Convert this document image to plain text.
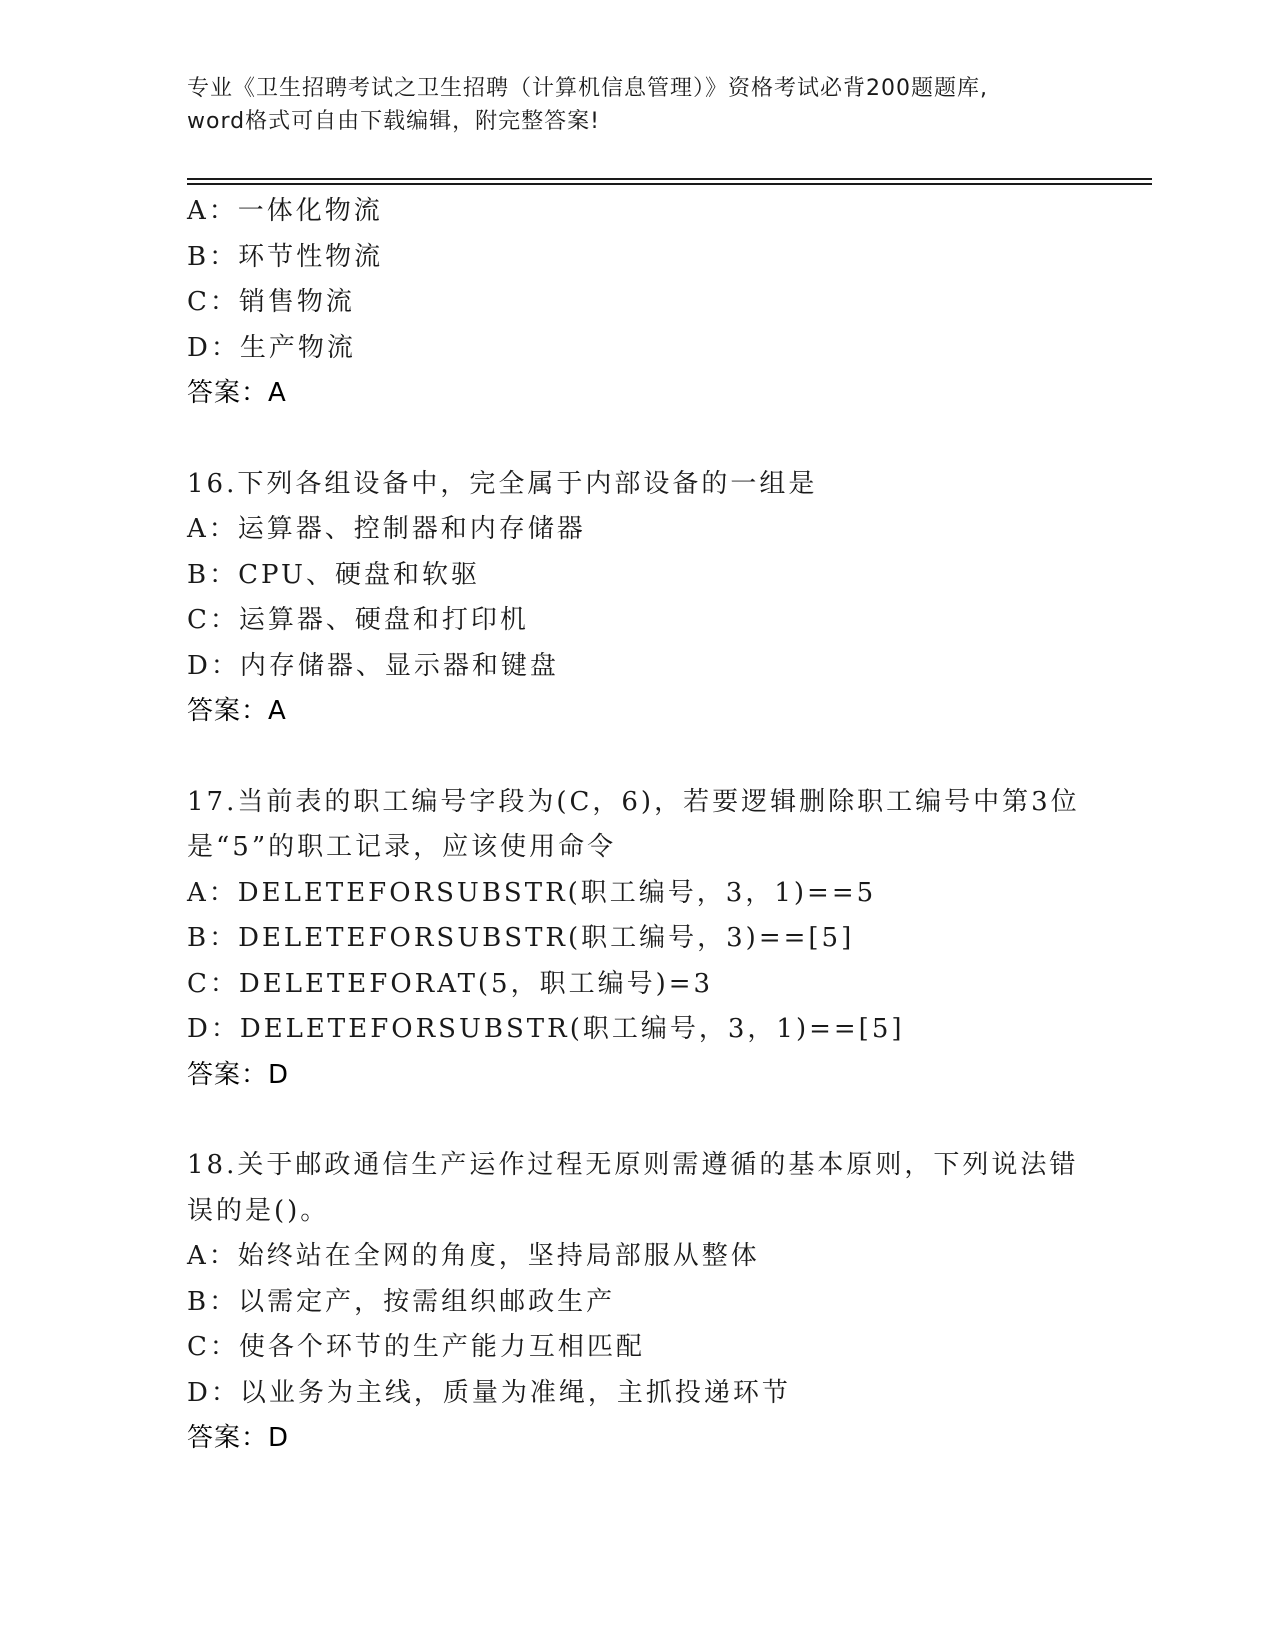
专业《卫生招聘考试之卫生招聘（计算机信息管理）》资格考试必背200题题库,
word格式可自由下载编辑，附完整答案!
A：一体化物流
B：环节性物流
C：销售物流
D：生产物流
答案：A
16.下列各组设备中，完全属于内部设备的一组是
A：运算器、控制器和内存储器
B：CPU、硬盘和软驱
C：运算器、硬盘和打印机
D：内存储器、显示器和键盘
答案：A
17.当前表的职工编号字段为(C，6)，若要逻辑删除职工编号中第3位
是“5”的职工记录，应该使用命令
A：DELETEFORSUBSTR(职工编号，3，1)==5
B：DELETEFORSUBSTR(职工编号，3)==[5]
C：DELETEFORAT(5，职工编号)=3
D：DELETEFORSUBSTR(职工编号，3，1)==[5]
答案：D
18.关于邮政通信生产运作过程无原则需遵循的基本原则，下列说法错
误的是()。
A：始终站在全网的角度，坚持局部服从整体
B：以需定产，按需组织邮政生产
C：使各个环节的生产能力互相匹配
D：以业务为主线，质量为准绳，主抓投递环节
答案：D
